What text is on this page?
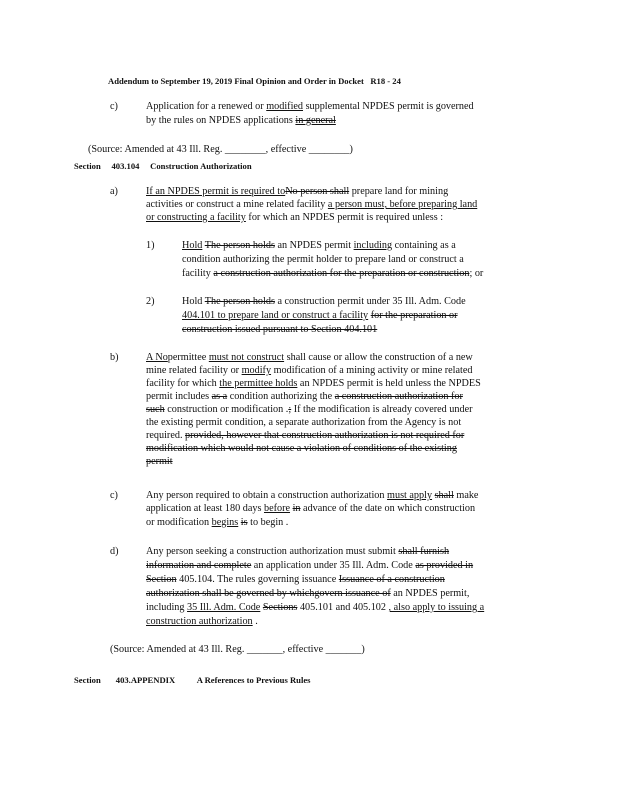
Addendum to September 19, 2019 Final Opinion and Order in Docket R18 - 24
c)	Application for a renewed or modified supplemental NPDES permit is governed
by the rules on NPDES applications in general
(Source: Amended at 43 Ill. Reg. ________, effective ________)
Section 403.104 Construction Authorization
a)	If an NPDES permit is required toNo person shall prepare land for mining
activities or construct a mine related facility a person must, before preparing land
or constructing a facility for which an NPDES permit is required unless :
1)	Hold The person holds an NPDES permit including containing as a
condition authorizing the permit holder to prepare land or construct a
facility a construction authorization for the preparation or construction; or
2)	Hold The person holds a construction permit under 35 Ill. Adm. Code
404.101 to prepare land or construct a facility for the preparation or
construction issued pursuant to Section 404.101
b)	A Nopermittee must not construct shall cause or allow the construction of a new
mine related facility or modify modification of a mining activity or mine related
facility for which the permittee holds an NPDES permit is held unless the NPDES
permit includes as a condition authorizing the a construction authorization for
such construction or modification .; If the modification is already covered under
the existing permit condition, a separate authorization from the Agency is not
required. provided, however that construction authorization is not required for
modification which would not cause a violation of conditions of the existing
permit
c)	Any person required to obtain a construction authorization must apply shall make
application at least 180 days before in advance of the date on which construction
or modification begins is to begin .
d)	Any person seeking a construction authorization must submit shall furnish
information and complete an application under 35 Ill. Adm. Code as provided in
Section 405.104. The rules governing issuance Issuance of a construction
authorization shall be governed by whichgovern issuance of an NPDES permit,
including 35 Ill. Adm. Code Sections 405.101 and 405.102 , also apply to issuing a
construction authorization .
(Source: Amended at 43 Ill. Reg. _______, effective _______)
Section 403.APPENDIX A References to Previous Rules
